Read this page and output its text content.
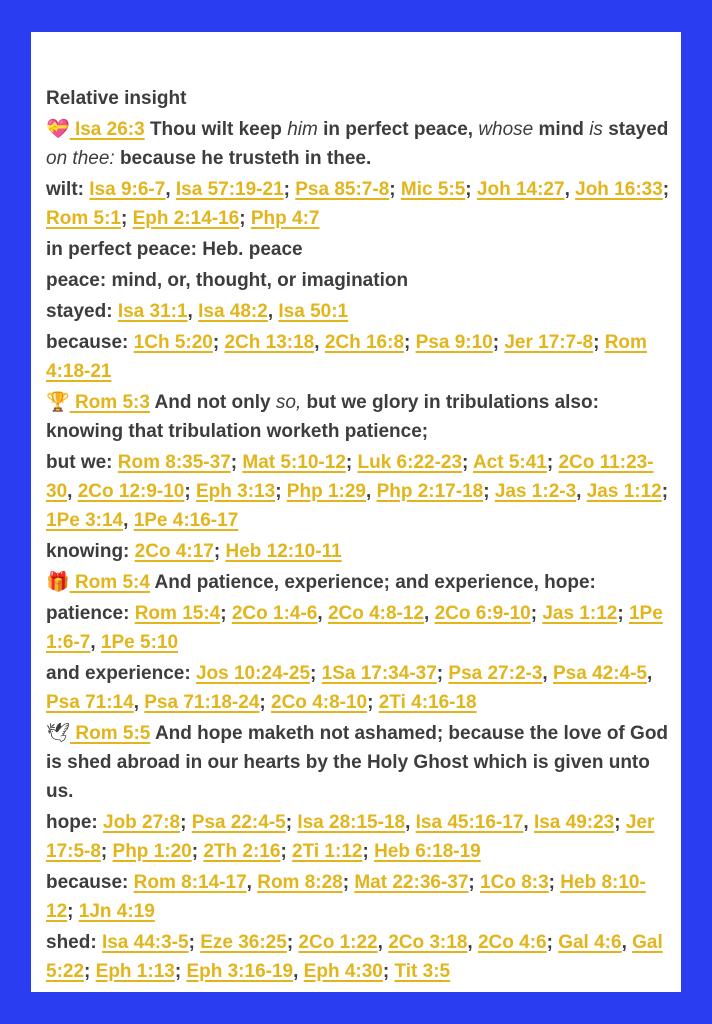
Relative insight
💝 Isa 26:3 Thou wilt keep him in perfect peace, whose mind is stayed on thee: because he trusteth in thee.
wilt: Isa 9:6-7, Isa 57:19-21; Psa 85:7-8; Mic 5:5; Joh 14:27, Joh 16:33; Rom 5:1; Eph 2:14-16; Php 4:7
in perfect peace: Heb. peace
peace: mind, or, thought, or imagination
stayed: Isa 31:1, Isa 48:2, Isa 50:1
because: 1Ch 5:20; 2Ch 13:18, 2Ch 16:8; Psa 9:10; Jer 17:7-8; Rom 4:18-21
🏆 Rom 5:3 And not only so, but we glory in tribulations also: knowing that tribulation worketh patience;
but we: Rom 8:35-37; Mat 5:10-12; Luk 6:22-23; Act 5:41; 2Co 11:23-30, 2Co 12:9-10; Eph 3:13; Php 1:29, Php 2:17-18; Jas 1:2-3, Jas 1:12; 1Pe 3:14, 1Pe 4:16-17
knowing: 2Co 4:17; Heb 12:10-11
🎁 Rom 5:4 And patience, experience; and experience, hope:
patience: Rom 15:4; 2Co 1:4-6, 2Co 4:8-12, 2Co 6:9-10; Jas 1:12; 1Pe 1:6-7, 1Pe 5:10
and experience: Jos 10:24-25; 1Sa 17:34-37; Psa 27:2-3, Psa 42:4-5, Psa 71:14, Psa 71:18-24; 2Co 4:8-10; 2Ti 4:16-18
🕊 Rom 5:5 And hope maketh not ashamed; because the love of God is shed abroad in our hearts by the Holy Ghost which is given unto us.
hope: Job 27:8; Psa 22:4-5; Isa 28:15-18, Isa 45:16-17, Isa 49:23; Jer 17:5-8; Php 1:20; 2Th 2:16; 2Ti 1:12; Heb 6:18-19
because: Rom 8:14-17, Rom 8:28; Mat 22:36-37; 1Co 8:3; Heb 8:10-12; 1Jn 4:19
shed: Isa 44:3-5; Eze 36:25; 2Co 1:22, 2Co 3:18, 2Co 4:6; Gal 4:6, Gal 5:22; Eph 1:13; Eph 3:16-19, Eph 4:30; Tit 3:5
